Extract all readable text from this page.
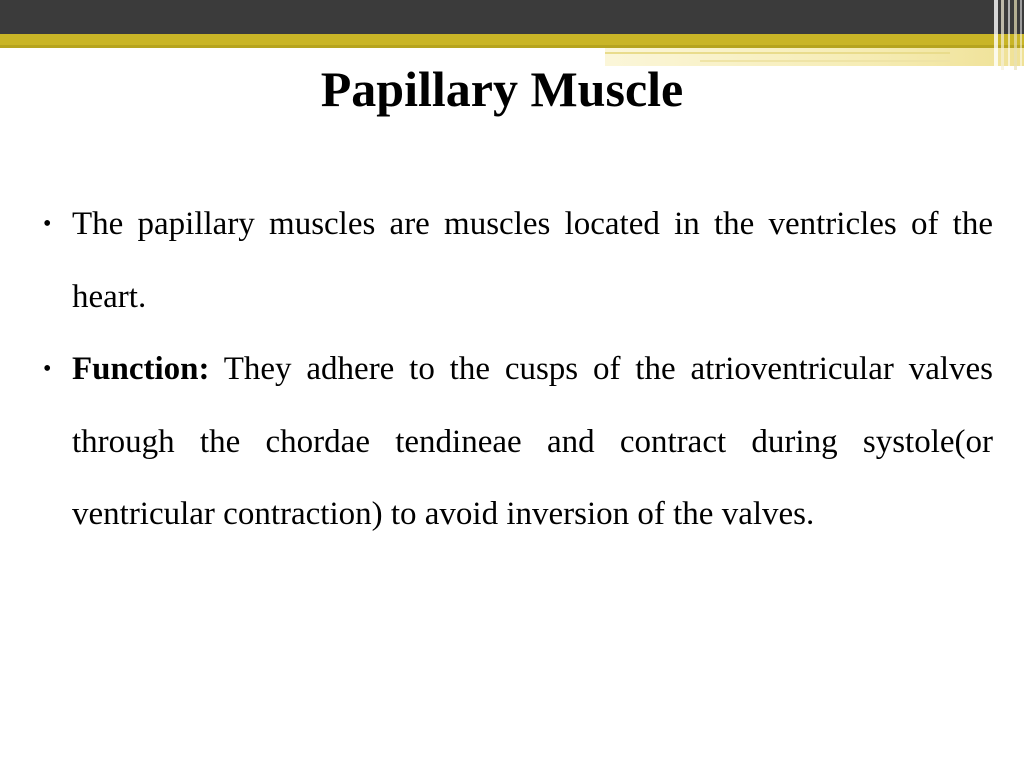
Papillary Muscle
• The papillary muscles are muscles located in the ventricles of the heart.
• Function: They adhere to the cusps of the atrioventricular valves through the chordae tendineae and contract during systole(or ventricular contraction) to avoid inversion of the valves.
